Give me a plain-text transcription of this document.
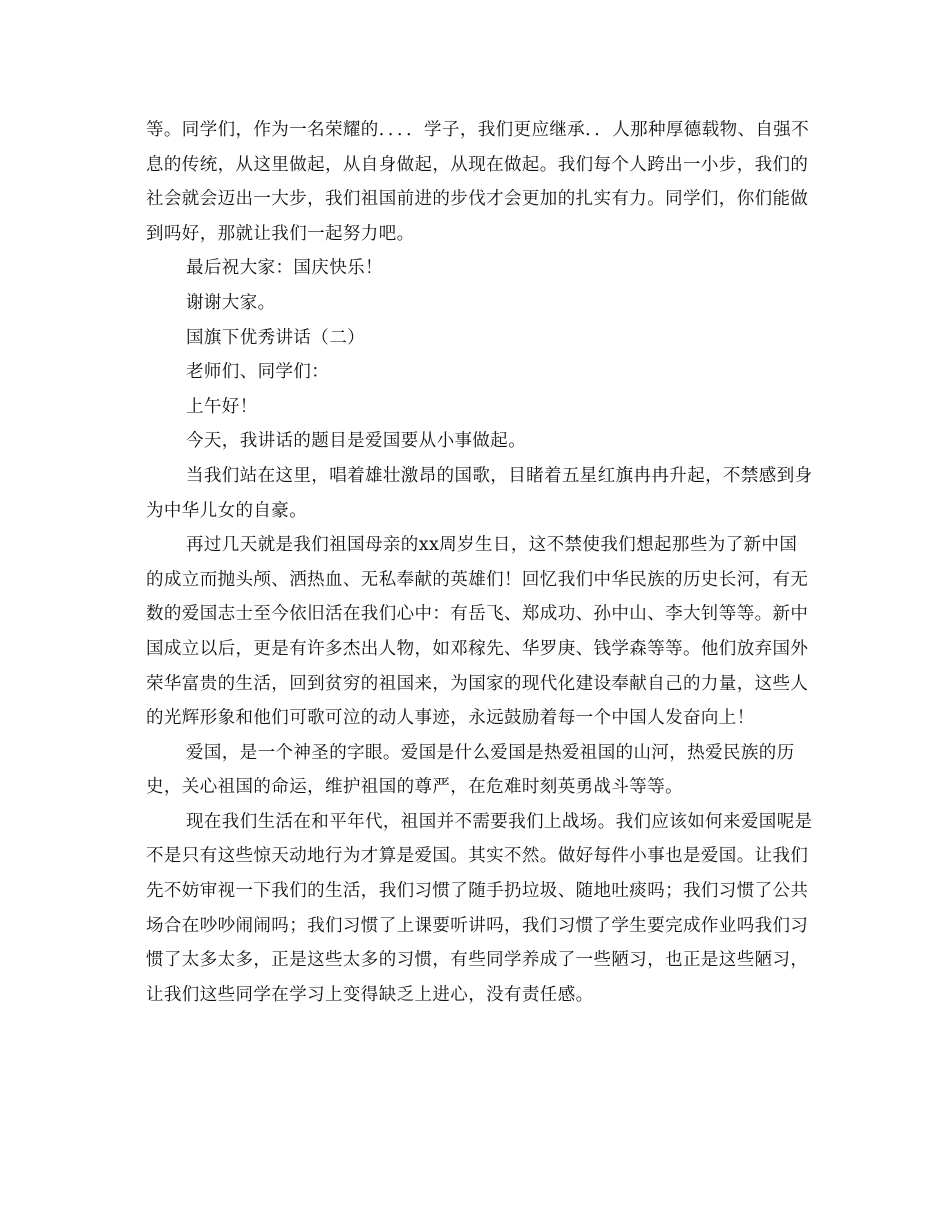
等。同学们，作为一名荣耀的．．．．学子，我们更应继承．．人那种厚德载物、自强不息的传统，从这里做起，从自身做起，从现在做起。我们每个人跨出一小步，我们的社会就会迈出一大步，我们祖国前进的步伐才会更加的扎实有力。同学们，你们能做到吗好，那就让我们一起努力吧。

最后祝大家：国庆快乐！

谢谢大家。

国旗下优秀讲话（二）

老师们、同学们：

上午好！

今天，我讲话的题目是爱国要从小事做起。

当我们站在这里，唱着雄壮激昂的国歌，目睹着五星红旗冉冉升起，不禁感到身为中华儿女的自豪。

再过几天就是我们祖国母亲的xx周岁生日，这不禁使我们想起那些为了新中国的成立而抛头颅、洒热血、无私奉献的英雄们！回忆我们中华民族的历史长河，有无数的爱国志士至今依旧活在我们心中：有岳飞、郑成功、孙中山、李大钊等等。新中国成立以后，更是有许多杰出人物，如邓稼先、华罗庚、钱学森等等。他们放弃国外荣华富贵的生活，回到贫穷的祖国来，为国家的现代化建设奉献自己的力量，这些人的光辉形象和他们可歌可泣的动人事迹，永远鼓励着每一个中国人发奋向上！

爱国，是一个神圣的字眼。爱国是什么爱国是热爱祖国的山河，热爱民族的历史，关心祖国的命运，维护祖国的尊严，在危难时刻英勇战斗等等。

现在我们生活在和平年代，祖国并不需要我们上战场。我们应该如何来爱国呢是不是只有这些惊天动地行为才算是爱国。其实不然。做好每件小事也是爱国。让我们先不妨审视一下我们的生活，我们习惯了随手扔垃圾、随地吐痰吗；我们习惯了公共场合在吵吵闹闹吗；我们习惯了上课要听讲吗，我们习惯了学生要完成作业吗我们习惯了太多太多，正是这些太多的习惯，有些同学养成了一些陋习，也正是这些陋习，让我们这些同学在学习上变得缺乏上进心，没有责任感。
